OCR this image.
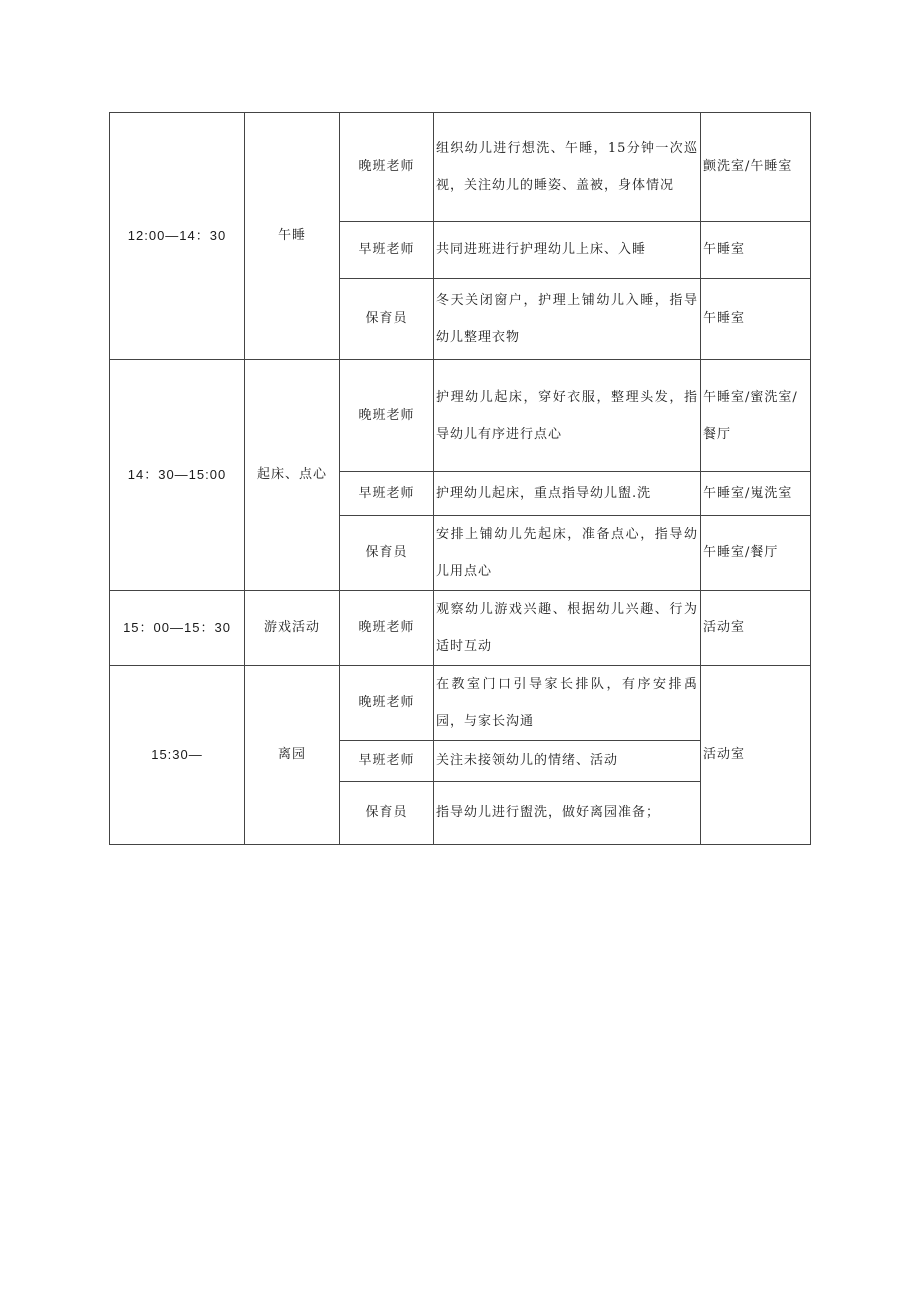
12:00—14：30	午睡	晚班老师	组织幼儿进行想洗、午睡，15分钟一次巡视，关注幼儿的睡姿、盖被，身体情况	颤洗室/午睡室
		早班老师	共同进班进行护理幼儿上床、入睡	午睡室
		保育员	冬天关闭窗户，护理上铺幼儿入睡，指导幼儿整理衣物	午睡室
14：30—15:00	起床、点心	晚班老师	护理幼儿起床，穿好衣服，整理头发，指导幼儿有序进行点心	午睡室/蜜洗室/餐厅

		早班老师	护理幼儿起床，重点指导幼儿盥.洗	午睡室/嵬洗室
		保育员	安排上铺幼儿先起床，准备点心，指导幼儿用点心	午睡室/餐厅
15：00—15：30	游戏活动	晚班老师	观察幼儿游戏兴趣、根据幼儿兴趣、行为适时互动	活动室
15:30—	离园	晚班老师	在教室门口引导家长排队，有序安排禹园，与家长沟通	活动室
		早班老师	关注未接领幼儿的情绪、活动	
		保育员	指导幼儿进行盥洗，做好离园准备；	
